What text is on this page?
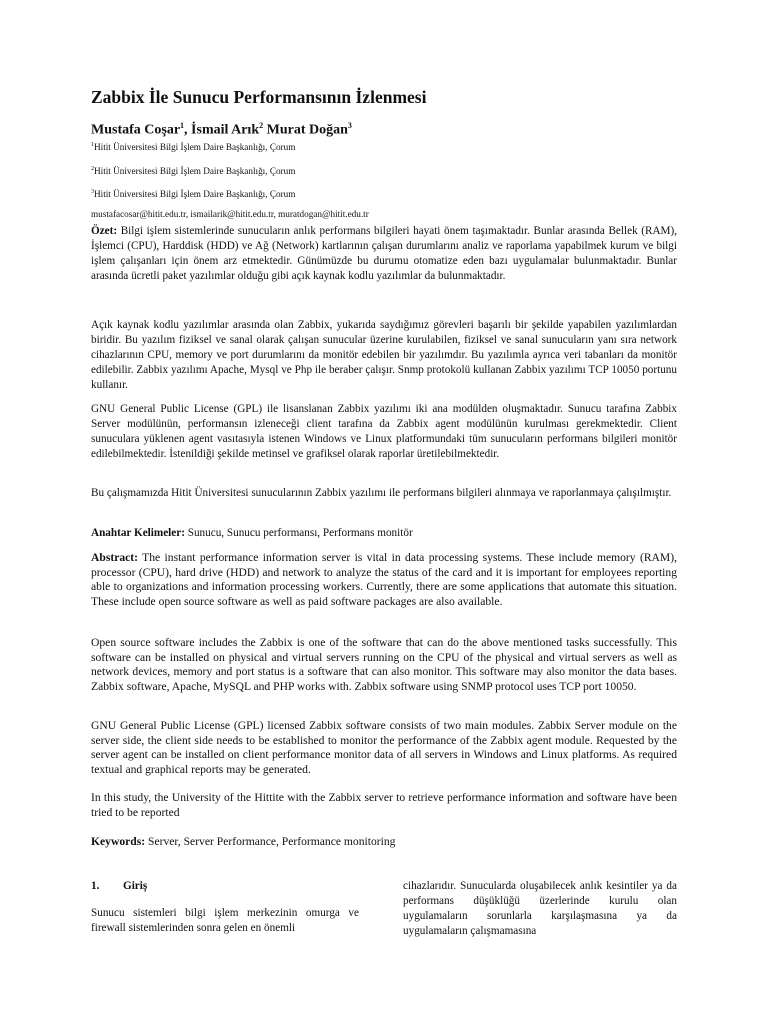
Zabbix İle Sunucu Performansının İzlenmesi
Mustafa Coşar$^1$, İsmail Arık$^2$ Murat Doğan$^3$
$^1$Hitit Üniversitesi Bilgi İşlem Daire Başkanlığı, Çorum
$^2$Hitit Üniversitesi Bilgi İşlem Daire Başkanlığı, Çorum
$^3$Hitit Üniversitesi Bilgi İşlem Daire Başkanlığı, Çorum
mustafacosar@hitit.edu.tr, ismailarik@hitit.edu.tr, muratdogan@hitit.edu.tr
Özet: Bilgi işlem sistemlerinde sunucuların anlık performans bilgileri hayati önem taşımaktadır. Bunlar arasında Bellek (RAM), İşlemci (CPU), Harddisk (HDD) ve Ağ (Network) kartlarının çalışan durumlarını analiz ve raporlama yapabilmek kurum ve bilgi işlem çalışanları için önem arz etmektedir. Günümüzde bu durumu otomatize eden bazı uygulamalar bulunmaktadır. Bunlar arasında ücretli paket yazılımlar olduğu gibi açık kaynak kodlu yazılımlar da bulunmaktadır.
Açık kaynak kodlu yazılımlar arasında olan Zabbix, yukarıda saydığımız görevleri başarılı bir şekilde yapabilen yazılımlardan biridir. Bu yazılım fiziksel ve sanal olarak çalışan sunucular üzerine kurulabilen, fiziksel ve sanal sunucuların yanı sıra network cihazlarının CPU, memory ve port durumlarını da monitör edebilen bir yazılımdır. Bu yazılımla ayrıca veri tabanları da monitör edilebilir. Zabbix yazılımı Apache, Mysql ve Php ile beraber çalışır. Snmp protokolü kullanan Zabbix yazılımı TCP 10050 portunu kullanır.
GNU General Public License (GPL) ile lisanslanan Zabbix yazılımı iki ana modülden oluşmaktadır. Sunucu tarafına Zabbix Server modülünün, performansın izleneceği client tarafına da Zabbix agent modülünün kurulması gerekmektedir. Client sunuculara yüklenen agent vasıtasıyla istenen Windows ve Linux platformundaki tüm sunucuların performans bilgileri monitör edilebilmektedir. İstenildiği şekilde metinsel ve grafiksel olarak raporlar üretilebilmektedir.
Bu çalışmamızda Hitit Üniversitesi sunucularının Zabbix yazılımı ile performans bilgileri alınmaya ve raporlanmaya çalışılmıştır.
Anahtar Kelimeler: Sunucu, Sunucu performansı, Performans monitör
Abstract: The instant performance information server is vital in data processing systems. These include memory (RAM), processor (CPU), hard drive (HDD) and network to analyze the status of the card and it is important for employees reporting able to organizations and information processing workers. Currently, there are some applications that automate this situation. These include open source software as well as paid software packages are also available.
Open source software includes the Zabbix is one of the software that can do the above mentioned tasks successfully. This software can be installed on physical and virtual servers running on the CPU of the physical and virtual servers as well as network devices, memory and port status is a software that can also monitor. This software may also monitor the data bases. Zabbix software, Apache, MySQL and PHP works with. Zabbix software using SNMP protocol uses TCP port 10050.
GNU General Public License (GPL) licensed Zabbix software consists of two main modules. Zabbix Server module on the server side, the client side needs to be established to monitor the performance of the Zabbix agent module. Requested by the server agent can be installed on client performance monitor data of all servers in Windows and Linux platforms. As required textual and graphical reports may be generated.
In this study, the University of the Hittite with the Zabbix server to retrieve performance information and software have been tried to be reported
Keywords: Server, Server Performance, Performance monitoring
1. Giriş
Sunucu sistemleri bilgi işlem merkezinin omurga ve firewall sistemlerinden sonra gelen en önemli
cihazlarıdır. Sunucularda oluşabilecek anlık kesintiler ya da performans düşüklüğü üzerlerinde kurulu olan uygulamaların sorunlarla karşılaşmasına ya da uygulamaların çalışmamasına
